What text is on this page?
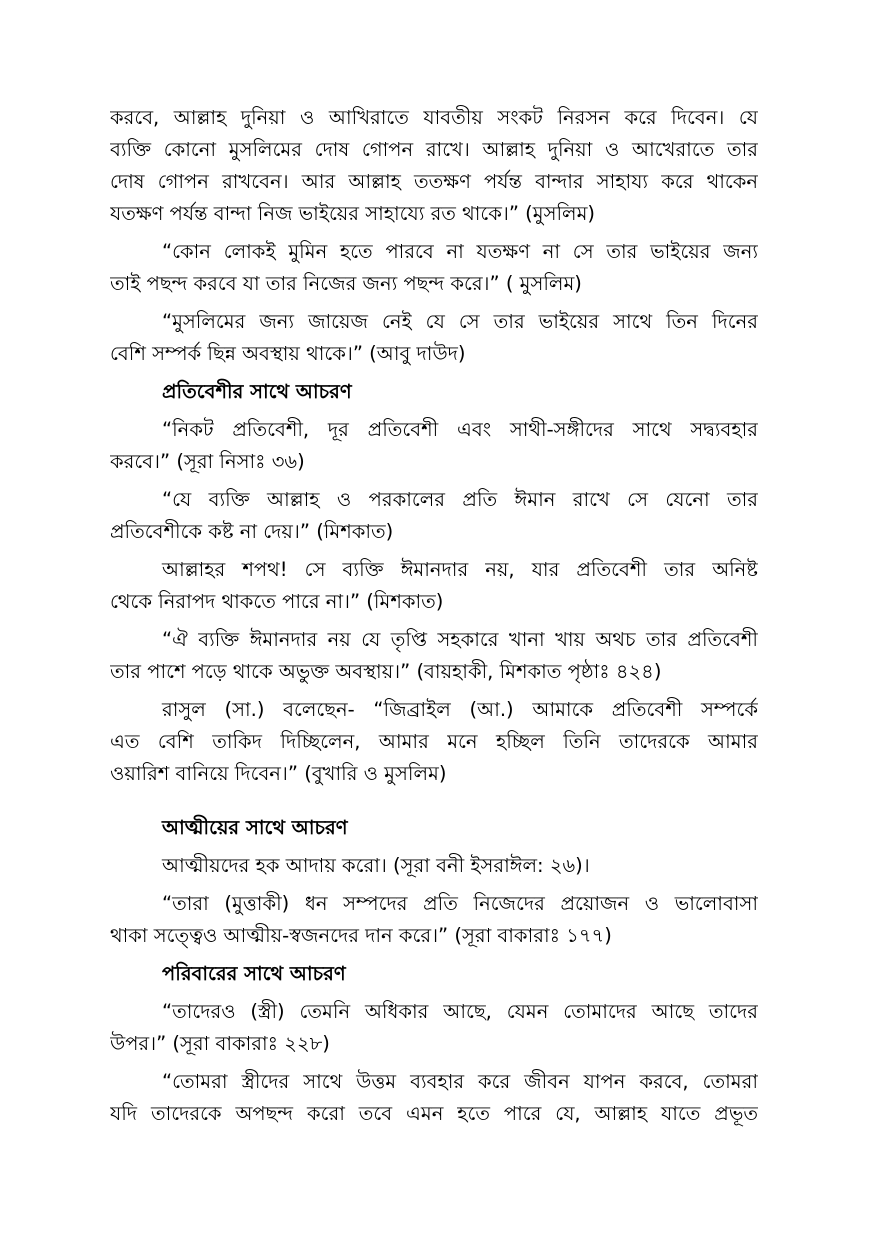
করবে, আল্লাহ দুনিয়া ও আখিরাতে যাবতীয় সংকট নিরসন করে দিবেন। যে
ব্যক্তি কোনো মুসলিমের দোষ গোপন রাখে। আল্লাহ দুনিয়া ও আখেরাতে তার
দোষ গোপন রাখবেন। আর আল্লাহ ততক্ষণ পর্যন্ত বান্দার সাহায্য করে থাকেন
যতক্ষণ পর্যন্ত বান্দা নিজ ভাইয়ের সাহায্যে রত থাকে।” (মুসলিম)
“কোন লোকই মুমিন হতে পারবে না যতক্ষণ না সে তার ভাইয়ের জন্য
তাই পছন্দ করবে যা তার নিজের জন্য পছন্দ করে।” ( মুসলিম)
“মুসলিমের জন্য জায়েজ নেই যে সে তার ভাইয়ের সাথে তিন দিনের
বেশি সম্পর্ক ছিন্ন অবস্থায় থাকে।” (আবু দাউদ)
প্রতিবেশীর সাথে আচরণ
“নিকট প্রতিবেশী, দূর প্রতিবেশী এবং সাথী-সঙ্গীদের সাথে সদ্ব্যবহার
করবে।” (সূরা নিসাঃ ৩৬)
“যে ব্যক্তি আল্লাহ ও পরকালের প্রতি ঈমান রাখে সে যেনো তার
প্রতিবেশীকে কষ্ট না দেয়।” (মিশকাত)
আল্লাহর শপথ! সে ব্যক্তি ঈমানদার নয়, যার প্রতিবেশী তার অনিষ্ট
থেকে নিরাপদ থাকতে পারে না।” (মিশকাত)
“ঐ ব্যক্তি ঈমানদার নয় যে তৃপ্তি সহকারে খানা খায় অথচ তার প্রতিবেশী
তার পাশে পড়ে থাকে অভুক্ত অবস্থায়।” (বায়হাকী, মিশকাত পৃষ্ঠাঃ ৪২৪)
রাসুল (সা.) বলেছেন- “জিব্রাইল (আ.) আমাকে প্রতিবেশী সম্পর্কে
এত বেশি তাকিদ দিচ্ছিলেন, আমার মনে হচ্ছিল তিনি তাদেরকে আমার
ওয়ারিশ বানিয়ে দিবেন।” (বুখারি ও মুসলিম)
আত্মীয়ের সাথে আচরণ
আত্মীয়দের হক আদায় করো। (সূরা বনী ইসরাঈল: ২৬)।
“তারা (মুত্তাকী) ধন সম্পদের প্রতি নিজেদের প্রয়োজন ও ভালোবাসা
থাকা সত্ত্বেও আত্মীয়-স্বজনদের দান করে।” (সূরা বাকারাঃ ১৭৭)
পরিবারের সাথে আচরণ
“তাদেরও (স্ত্রী) তেমনি অধিকার আছে, যেমন তোমাদের আছে তাদের
উপর।” (সূরা বাকারাঃ ২২৮)
“তোমরা স্ত্রীদের সাথে উত্তম ব্যবহার করে জীবন যাপন করবে, তোমরা
যদি তাদেরকে অপছন্দ করো তবে এমন হতে পারে যে, আল্লাহ যাতে প্রভূত
